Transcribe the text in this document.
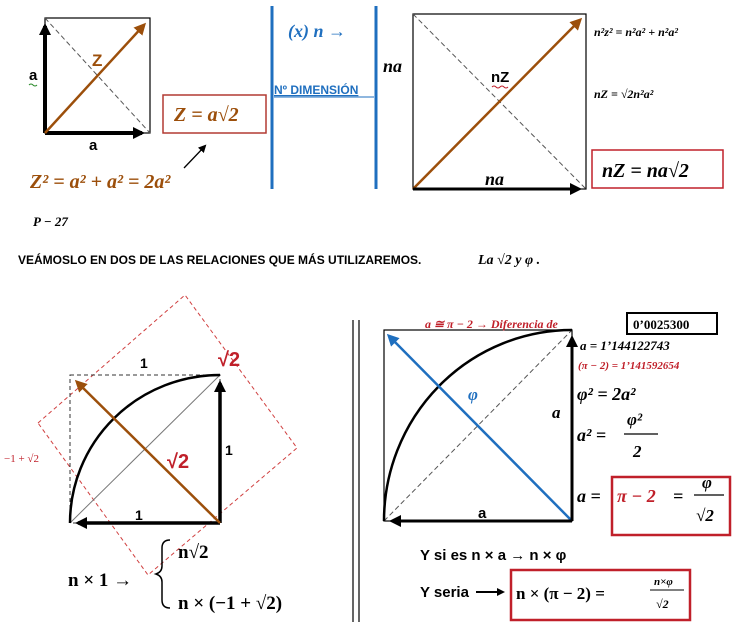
a
a
Z
Z = a√2
Z² = a² + a² = 2a²
(x) n →
Nº DIMENSIÓN
na
na
nZ
n²z² = n²a² + n²a²
nZ = √2n²a²
nZ = na√2
P − 27
VEÁMOSLO EN DOS DE LAS RELACIONES QUE MÁS UTILIZAREMOS.	La √2 y φ .
1
1
1
√2
√2
−1 + √2
n × 1 →
n√2
n × (−1 + √2)
φ
a
a
a ≅ π − 2 → Diferencia de	0’0025300
a = 1’144122743
(π − 2) = 1’141592654
φ² = 2a²
a² =
φ²
2
a = π − 2 =
φ
√2
Y si es n × a → n × φ
Y seria	n × (π − 2) =
n×φ
√2
